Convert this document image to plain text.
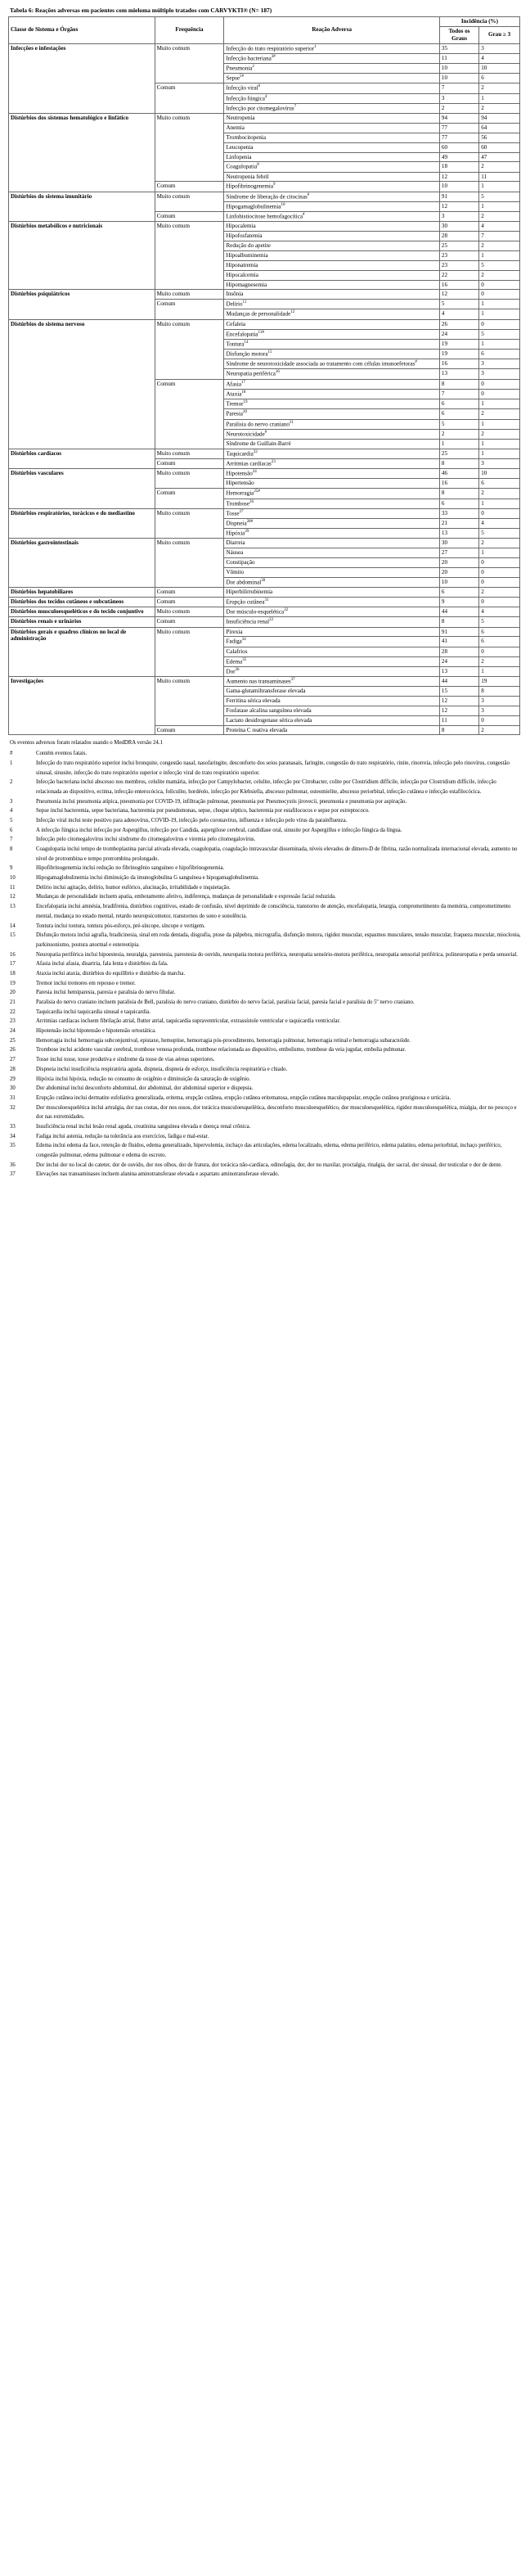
Tabela 6: Reações adversas em pacientes com mieloma múltiplo tratados com CARVYKTI® (N= 187)
Classe de Sistema e Órgãos	Frequência	Reação Adversa	Incidência (%)	
			Todos os Graus	Grau ≥ 3
Infecções e infestações	Muito comum	Infecção do trato respiratório superior$^1$	35	3
		Infecção bacteriana$^{3\#}$	11	4
		Pneumonia$^2$	10	10
		Sepse$^{5\#}$	10	6
	Comum	Infecção viral$^6$	7	2
		Infecção fúngica$^4$	3	1
		Infecção por citomegalovírus$^7$	2	2
Distúrbios dos sistemas hematológico e linfático	Muito comum	Neutropenia	94	94
		Anemia	77	64
		Trombocitopenia	77	56
		Leucopenia	60	60
		Linfopenia	49	47
		Coagulopatia$^8$	18	2
		Neutropenia febril	12	11
	Comum	Hipofibrinogenemia$^9$	10	1
Distúrbios do sistema imunitário	Muito comum	Síndrome de liberação de citocinas#	91	5
		Hipogamaglobulinemia$^{10}$	12	1
	Comum	Linfohistiocitose hemofagocítica#	3	2
Distúrbios metabólicos e nutricionais	Muito comum	Hipocalemia	30	4
		Hipofosfatemia	28	7
		Redução do apetite	25	2
		Hipoalbuminemia	23	1
		Hiponatremia	23	5
		Hipocalcemia	22	2
		Hipomagnesemia	16	0
Distúrbios psiquiátricos	Muito comum	Insônia	12	0
	Comum	Delírio$^{11}$	5	1
		Mudanças de personalidade$^{12}$	4	1
Distúrbios do sistema nervoso	Muito comum	Cefaleia	26	0
		Encefalopatia$^{13\#}$	24	5
		Tontura$^{14}$	19	1
		Disfunção motora$^{15}$	19	6
		Síndrome de neurotoxicidade associada ao tratamento com células imunoefetoras#	16	3
		Neuropatia periférica$^{16}$	13	3
	Comum	Afasia$^{17}$	8	0
		Ataxia$^{18}$	7	0
		Tremor$^{19}$	6	1
		Paresia$^{20}$	6	2
		Paralisia do nervo craniano$^{21}$	5	1
		Neurotoxicidade#	2	2
		Síndrome de Guillain-Barré	1	1
Distúrbios cardíacos	Muito comum	Taquicardia$^{22}$	25	1
	Comum	Arritmias cardíacas$^{23}$	8	3
Distúrbios vasculares	Muito comum	Hipotensão$^{24}$	46	10
		Hipertensão	16	6
	Comum	Hemorragia$^{25\#}$	8	2
		Trombose$^{26}$	6	1
Distúrbios respiratórios, torácicos e do mediastino	Muito comum	Tosse$^{27}$	33	0
		Dispneia$^{28\#}$	21	4
		Hipóxia$^{29}$	13	5
Distúrbios gastrointestinais	Muito comum	Diarreia	30	2
		Náusea	27	1
		Constipação	20	0
		Vômito	20	0
		Dor abdominal$^{30}$	10	0
Distúrbios hepatobiliares	Comum	Hiperbilirrubinemia	6	2
Distúrbios dos tecidos cutâneos e subcutâneos	Comum	Erupção cutânea$^{31}$	9	0
Distúrbios musculoesqueléticos e do tecido conjuntivo	Muito comum	Dor músculo-esquelética$^{32}$	44	4
Distúrbios renais e urinários	Comum	Insuficiência renal$^{33}$	8	5
Distúrbios gerais e quadros clínicos no local de administração	Muito comum	Pirexia	91	6
		Fadiga$^{34}$	41	6
		Calafrios	28	0
		Edema$^{35}$	24	2
		Dor$^{36}$	13	1
Investigações	Muito comum	Aumento nas transaminases$^{37}$	44	19
		Gama-glutamiltransferase elevada	15	8
		Ferritina sérica elevada	12	3
		Fosfatase alcalina sanguínea elevada	12	3
		Lactato desidrogenase sérica elevada	11	0
	Comum	Proteína C reativa elevada	8	2
Os eventos adversos foram relatados usando o MedDRA versão 24.1
#	Contém eventos fatais.
1	Infecção do trato respiratório superior inclui bronquite, congestão nasal, nasofaringite, desconforto dos seios paranasais, faringite, congestão do trato respiratório, rinite, rinorreia, infecção pelo rinovírus, congestão sinusal, sinusite, infecção do trato respiratório superior e infecção viral do trato respiratório superior.
2	Infecção bacteriana inclui abscesso nos membros, celulite mamária, infecção por Campylobacter, celulite, infecção por Citrobacter, colite por Clostridium difficile, infecção por Clostridium difficile, infecção relacionada ao dispositivo, ectima, infecção enterocócica, foliculite, hordéolo, infecção por Klebsiella, abscesso pulmonar, osteomielite, abscesso periorbital, infecção cutânea e infecção estafilocócica.
3	Pneumonia inclui pneumonia atípica, pneumonia por COVID-19, infiltração pulmonar, pneumonia por Pneumocystis jirovecii, pneumonia e pneumonia por aspiração.
4	Sepse inclui bacteremia, sepse bacteriana, bacteremia por pseudomonas, sepse, choque séptico, bacteremia por estafilococos e sepse por estreptococo.
5	Infecção viral inclui teste positivo para adenovírus, COVID-19, infecção pelo coronavírus, influenza e infecção pelo vírus da parainfluenza.
6	A infecção fúngica inclui infecção por Aspergillus, infecção por Candida, aspergilose cerebral, candidíase oral, sinusite por Aspergillus e infecção fúngica da língua.
7	Infecção pelo citomegalovírus inclui síndrome do citomegalovírus e viremia pelo citomegalovírus.
8	Coagulopatia inclui tempo de tromboplastina parcial ativada elevada, coagulopatia, coagulação intravascular disseminada, níveis elevados de dímero-D de fibrina, razão normalizada internacional elevada, aumento no nível de protrombina e tempo protrombina prolongado.
9	Hipofibrinogenemia inclui redução no fibrinogênio sanguíneo e hipofibrinogenemia.
10	Hipogamaglobulinemia inclui diminuição da imunoglobulina G sanguínea e hipogamaglobulinemia.
11	Delírio inclui agitação, delírio, humor eufórico, alucinação, irritabilidade e inquietação.
12	Mudanças de personalidade incluem apatia, embotamento afetivo, indiferença, mudanças de personalidade e expressão facial reduzida.
13	Encefalopatia inclui amnésia, bradifrenia, distúrbios cognitivos, estado de confusão, nível deprimido de consciência, transtorno de atenção, encefalopatia, letargia, comprometimento da memória, comprometimento mental, mudança no estado mental, retardo neuropsicomotor, transtornos do sono e sonolência.
14	Tontura inclui tontura, tontura pós-esforço, pré-síncope, síncope e vertigem.
15	Disfunção motora inclui agrafia, bradicinesia, sinal em roda dentada, disgrafia, ptose da pálpebra, micrografia, disfunção motora, rigidez muscular, espasmos musculares, tensão muscular, fraqueza muscular, mioclonia, parkinsonismo, postura anormal e estereotipia.
16	Neuropatia periférica inclui hipoestesia, neuralgia, parestesia, parestesia do ouvido, neuropatia motora periférica, neuropatia sensório-motora periférica, neuropatia sensorial periférica, polineuropatia e perda sensorial.
17	Afasia inclui afasia, disartria, fala lenta e distúrbios da fala.
18	Ataxia inclui ataxia, distúrbios do equilíbrio e distúrbio da marcha.
19	Tremor inclui tremores em repouso e tremor.
20	Paresia inclui hemiparesia, paresia e paralisia do nervo fibular.
21	Paralisia do nervo craniano incluem paralisia de Bell, paralisia do nervo craniano, distúrbio do nervo facial, paralisia facial, paresia facial e paralisia do 5º nervo craniano.
22	Taquicardia inclui taquicardia sinusal e taquicardia.
23	Arritmias cardíacas incluem fibrilação atrial, flutter atrial, taquicardia supraventricular, extrassístole ventricular e taquicardia ventricular.
24	Hipotensão inclui hipotensão e hipotensão ortostática.
25	Hemorragia inclui hemorragia subconjuntival, epistaxe, hemoptise, hemorragia pós-procedimento, hemorragia pulmonar, hemorragia retinal e hemorragia subaracnóide.
26	Trombose inclui acidente vascular cerebral, trombose venosa profunda, trombose relacionada ao dispositivo, embolismo, trombose da veia jugular, embolia pulmonar.
27	Tosse inclui tosse, tosse produtiva e síndrome da tosse de vias aéreas superiores.
28	Dispneia inclui insuficiência respiratória aguda, dispneia, dispneia de esforço, insuficiência respiratória e chiado.
29	Hipóxia inclui hipóxia, redução no consumo de oxigênio e diminuição da saturação de oxigênio.
30	Dor abdominal inclui desconforto abdominal, dor abdominal, dor abdominal superior e dispepsia.
31	Erupção cutânea inclui dermatite esfoliativa generalizada, eritema, erupção cutânea, erupção cutânea eritematosa, erupção cutânea maculopapular, erupção cutânea pruriginosa e urticária.
32	Dor musculoesquelética inclui artralgia, dor nas costas, dor nos ossos, dor torácica musculoesquelética, desconforto musculoesquelético, dor musculoesquelética, rigidez musculoesquelética, mialgia, dor no pescoço e dor nas extremidades.
33	Insuficiência renal inclui lesão renal aguda, creatinina sanguínea elevada e doença renal crônica.
34	Fadiga inclui astenia, redução na tolerância aos exercícios, fadiga e mal-estar.
35	Edema inclui edema da face, retenção de fluidos, edema generalizado, hipervolemia, inchaço das articulações, edema localizado, edema, edema periférico, edema palatino, edema periorbital, inchaço periférico, congestão pulmonar, edema pulmonar e edema do escroto.
36	Dor inclui dor no local do cateter, dor de ouvido, dor nos olhos, dor de fratura, dor torácica não-cardíaca, odinofagia, dor, dor no maxilar, proctalgia, rinalgia, dor sacral, dor sinusal, dor testicular e dor de dente.
37	Elevações nas transaminases incluem alanina aminotransferase elevada e aspartato aminotransferase elevado.
